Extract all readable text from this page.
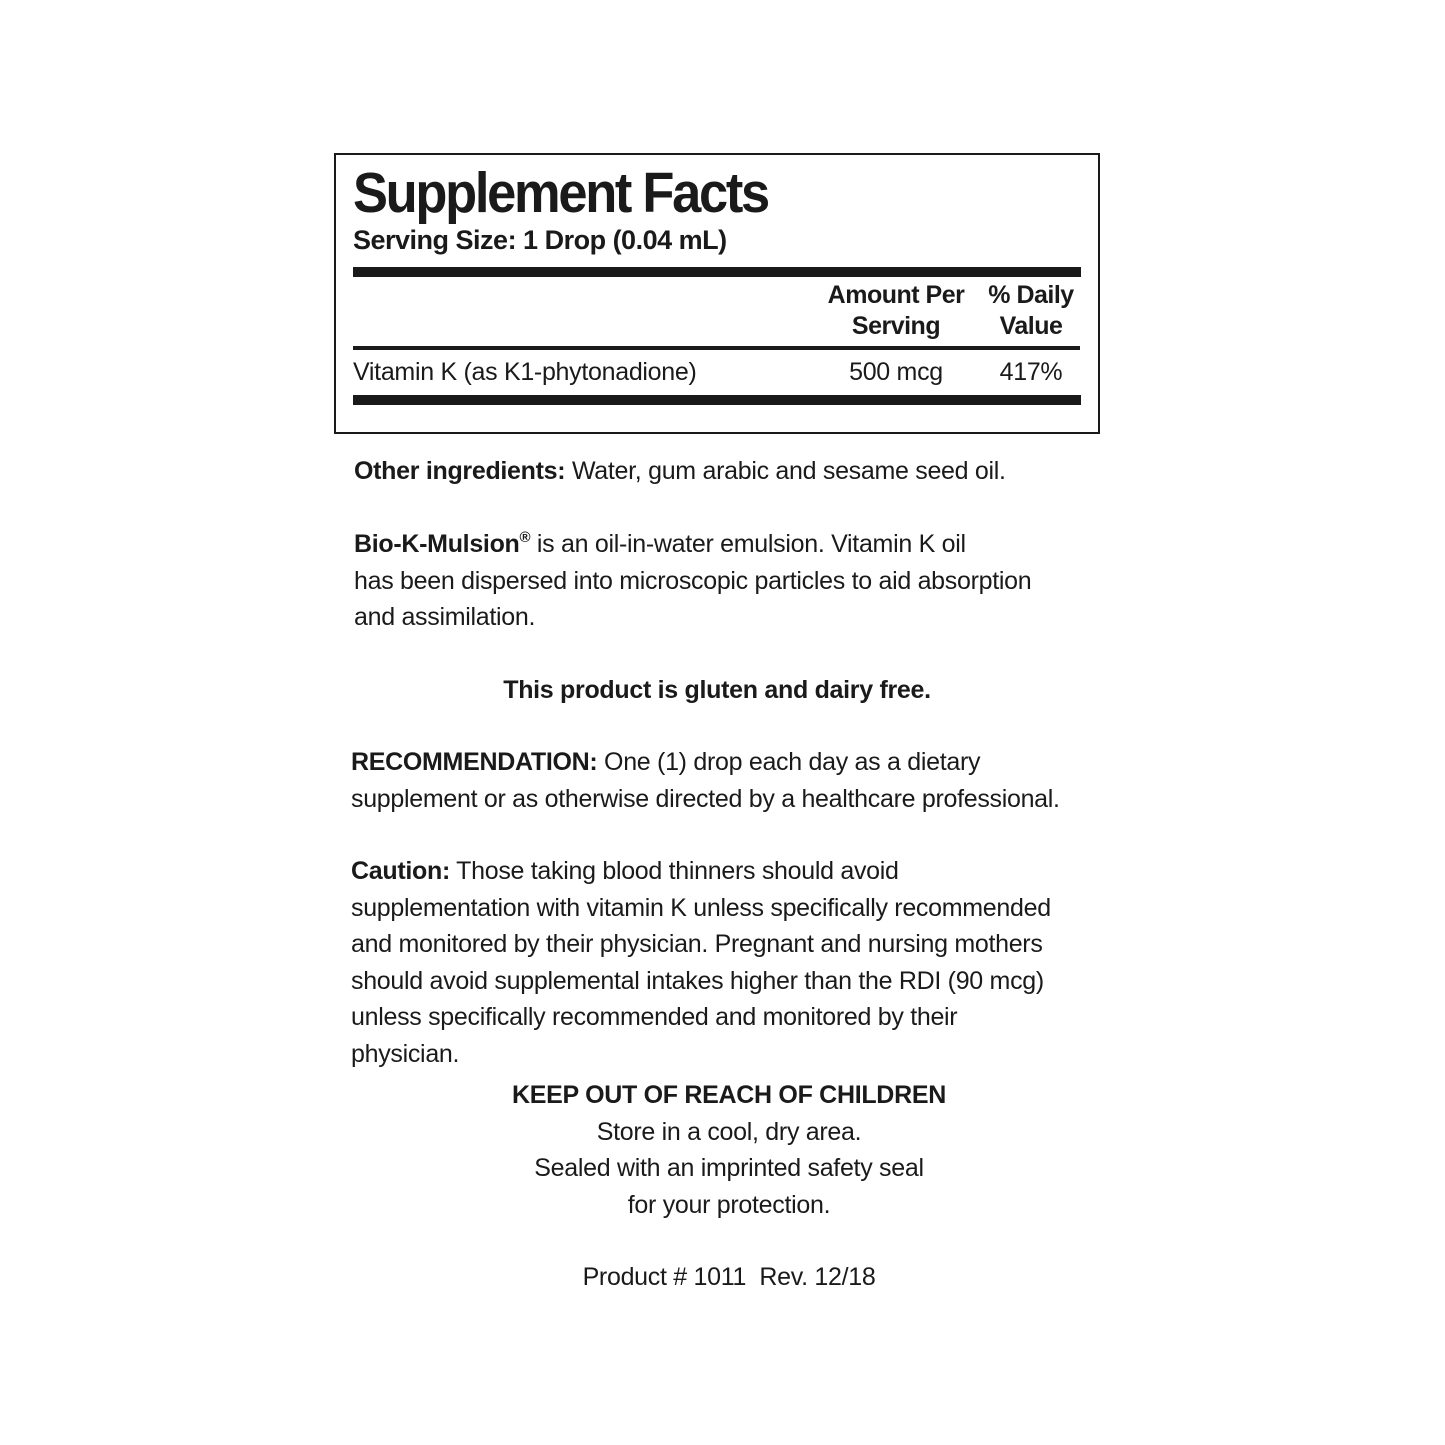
Supplement Facts
Serving Size: 1 Drop (0.04 mL)
Amount Per
Serving
% Daily
Value
Vitamin K (as K1-phytonadione)	500 mcg	417%
Other ingredients: Water, gum arabic and sesame seed oil.
Bio-K-Mulsion® is an oil-in-water emulsion. Vitamin K oil
has been dispersed into microscopic particles to aid absorption
and assimilation.
This product is gluten and dairy free.
RECOMMENDATION: One (1) drop each day as a dietary
supplement or as otherwise directed by a healthcare professional.
Caution: Those taking blood thinners should avoid
supplementation with vitamin K unless specifically recommended
and monitored by their physician. Pregnant and nursing mothers
should avoid supplemental intakes higher than the RDI (90 mcg)
unless specifically recommended and monitored by their
physician.
KEEP OUT OF REACH OF CHILDREN
Store in a cool, dry area.
Sealed with an imprinted safety seal
for your protection.
Product # 1011  Rev. 12/18
